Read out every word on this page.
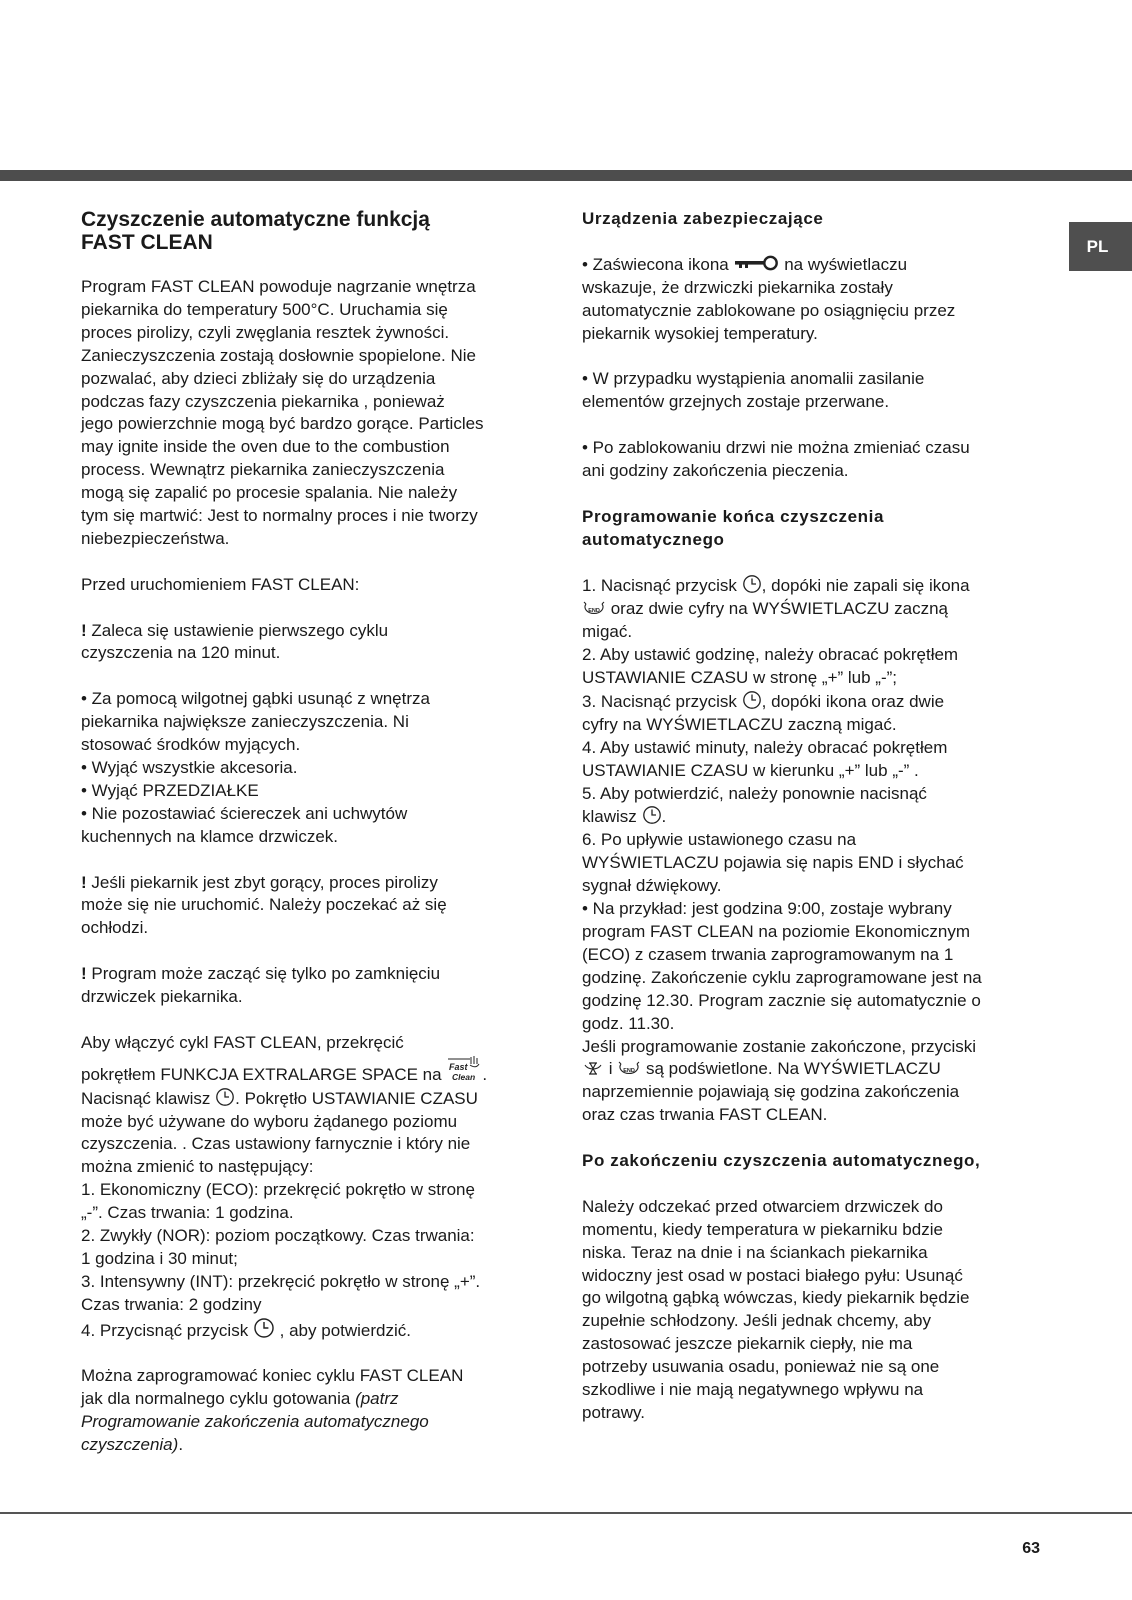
PL

Czyszczenie automatyczne funkcją
FAST CLEAN

Program FAST CLEAN powoduje nagrzanie wnętrza

piekarnika do temperatury 500°C. Uruchamia się

proces pirolizy, czyli zwęglania resztek żywności.

Zanieczyszczenia zostają dosłownie spopielone. Nie

pozwalać, aby dzieci zbliżały się do urządzenia

podczas fazy czyszczenia piekarnika , ponieważ

jego powierzchnie mogą być bardzo gorące. Particles

may ignite inside the oven due to the combustion

process. Wewnątrz piekarnika zanieczyszczenia

mogą się zapalić po procesie spalania. Nie należy

tym się martwić: Jest to normalny proces i nie tworzy

niebezpieczeństwa.

Przed uruchomieniem FAST CLEAN:

! Zaleca się ustawienie pierwszego cyklu

czyszczenia na 120 minut.

• Za pomocą wilgotnej gąbki usunąć z wnętrza

piekarnika największe zanieczyszczenia. Ni

stosować środków myjących.

• Wyjąć wszystkie akcesoria.

• Wyjąć PRZEDZIAŁKE

• Nie pozostawiać ściereczek ani uchwytów

kuchennych na klamce drzwiczek.

! Jeśli piekarnik jest zbyt gorący, proces pirolizy

może się nie uruchomić. Należy poczekać aż się

ochłodzi.

! Program może zacząć się tylko po zamknięciu

drzwiczek piekarnika.

Aby włączyć cykl FAST CLEAN, przekręcić

pokrętłem FUNKCJA EXTRALARGE SPACE na Fast
Clean .

Nacisnąć klawisz
. Pokrętło USTAWIANIE CZASU

może być używane do wyboru żądanego poziomu

czyszczenia. . Czas ustawiony farnycznie i który nie

można zmienić to następujący:

1. Ekonomiczny (ECO): przekręcić pokrętło w stronę

„-”. Czas trwania: 1 godzina.

2. Zwykły (NOR): poziom początkowy. Czas trwania:

1 godzina i 30 minut;

3. Intensywny (INT): przekręcić pokrętło w stronę „+”.

Czas trwania: 2 godziny

4. Przycisnąć przycisk
, aby potwierdzić.

Można zaprogramować koniec cyklu FAST CLEAN

jak dla normalnego cyklu gotowania (patrz

Programowanie zakończenia automatycznego

czyszczenia).

Urządzenia zabezpieczające

• Zaświecona ikona	na wyświetlaczu

wskazuje, że drzwiczki piekarnika zostały

automatycznie zablokowane po osiągnięciu przez

piekarnik wysokiej temperatury.

• W przypadku wystąpienia anomalii zasilanie

elementów grzejnych zostaje przerwane.

• Po zablokowaniu drzwi nie można zmieniać czasu

ani godziny zakończenia pieczenia.

Programowanie końca czyszczenia

automatycznego

1. Nacisnąć przycisk
, dopóki nie zapali się ikona

END oraz dwie cyfry na WYŚWIETLACZU zaczną

migać.

2. Aby ustawić godzinę, należy obracać pokrętłem

USTAWIANIE CZASU w stronę „+” lub „-”;

3. Nacisnąć przycisk
, dopóki ikona oraz dwie

cyfry na WYŚWIETLACZU zaczną migać.

4. Aby ustawić minuty, należy obracać pokrętłem

USTAWIANIE CZASU w kierunku „+” lub „-” .

5. Aby potwierdzić, należy ponownie nacisnąć

klawisz
.

6. Po upływie ustawionego czasu na

WYŚWIETLACZU pojawia się napis END i słychać

sygnał dźwiękowy.

• Na przykład: jest godzina 9:00, zostaje wybrany

program FAST CLEAN na poziomie Ekonomicznym

(ECO) z czasem trwania zaprogramowanym na 1

godzinę. Zakończenie cyklu zaprogramowane jest na

godzinę 12.30. Program zacznie się automatycznie o

godz. 11.30.

Jeśli programowanie zostanie zakończone, przyciski

i END są podświetlone. Na WYŚWIETLACZU

naprzemiennie pojawiają się godzina zakończenia

oraz czas trwania FAST CLEAN.

Po zakończeniu czyszczenia automatycznego,

Należy odczekać przed otwarciem drzwiczek do

momentu, kiedy temperatura w piekarniku bdzie

niska. Teraz na dnie i na ściankach piekarnika

widoczny jest osad w postaci białego pyłu: Usunąć

go wilgotną gąbką wówczas, kiedy piekarnik będzie

zupełnie schłodzony. Jeśli jednak chcemy, aby

zastosować jeszcze piekarnik ciepły, nie ma

potrzeby usuwania osadu, ponieważ nie są one

szkodliwe i nie mają negatywnego wpływu na

potrawy.

63
